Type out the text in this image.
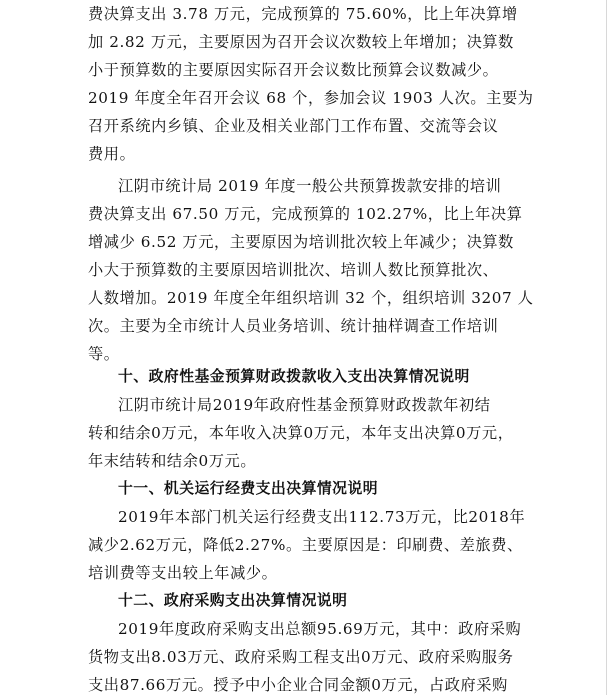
费决算支出 3.78 万元，完成预算的 75.60%，比上年决算增
加 2.82 万元，主要原因为召开会议次数较上年增加；决算数
小于预算数的主要原因实际召开会议数比预算会议数减少。
2019 年度全年召开会议 68 个，参加会议 1903 人次。主要为
召开系统内乡镇、企业及相关业部门工作布置、交流等会议
费用。
江阴市统计局 2019 年度一般公共预算拨款安排的培训
费决算支出 67.50 万元，完成预算的 102.27%，比上年决算
增减少 6.52 万元，主要原因为培训批次较上年减少；决算数
小大于预算数的主要原因培训批次、培训人数比预算批次、
人数增加。2019 年度全年组织培训 32 个，组织培训 3207 人
次。主要为全市统计人员业务培训、统计抽样调查工作培训
等。
十、政府性基金预算财政拨款收入支出决算情况说明
江阴市统计局2019年政府性基金预算财政拨款年初结
转和结余0万元，本年收入决算0万元，本年支出决算0万元，
年末结转和结余0万元。
十一、机关运行经费支出决算情况说明
2019年本部门机关运行经费支出112.73万元，比2018年
减少2.62万元，降低2.27%。主要原因是：印刷费、差旅费、
培训费等支出较上年减少。
十二、政府采购支出决算情况说明
2019年度政府采购支出总额95.69万元，其中：政府采购
货物支出8.03万元、政府采购工程支出0万元、政府采购服务
支出87.66万元。授予中小企业合同金额0万元，占政府采购
